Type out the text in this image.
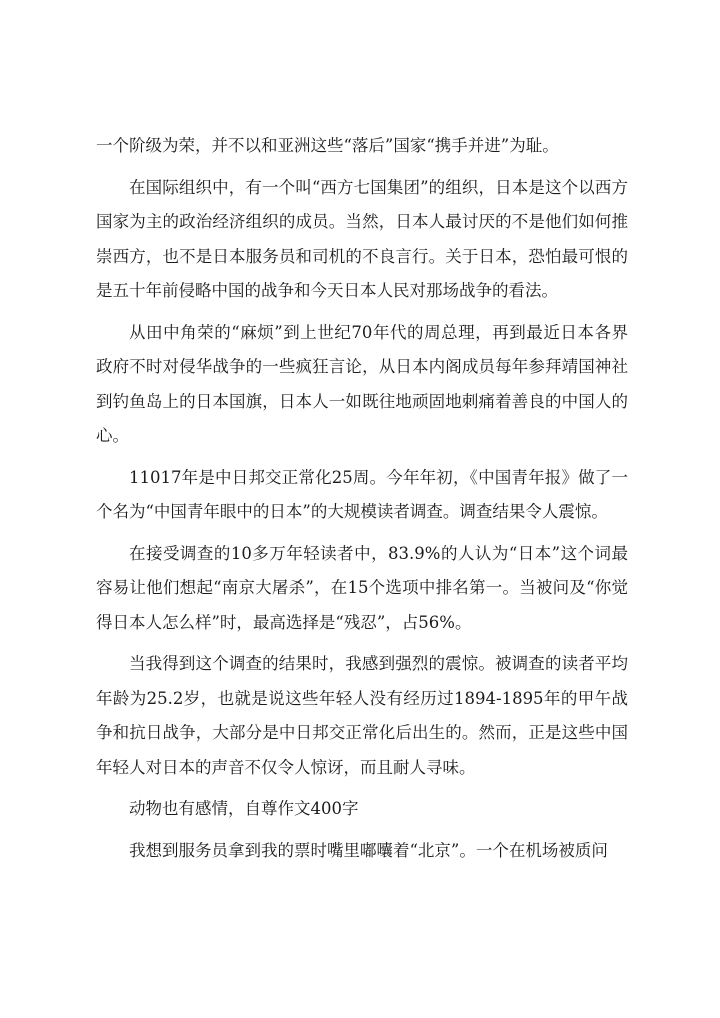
一个阶级为荣，并不以和亚洲这些“落后”国家“携手并进”为耻。

在国际组织中，有一个叫“西方七国集团”的组织，日本是这个以西方国家为主的政治经济组织的成员。当然，日本人最讨厌的不是他们如何推崇西方，也不是日本服务员和司机的不良言行。关于日本，恐怕最可恨的是五十年前侵略中国的战争和今天日本人民对那场战争的看法。

从田中角荣的“麻烦”到上世纪70年代的周总理，再到最近日本各界政府不时对侵华战争的一些疯狂言论，从日本内阁成员每年参拜靖国神社到钓鱼岛上的日本国旗，日本人一如既往地顽固地刺痛着善良的中国人的心。

11017年是中日邦交正常化25周。今年年初，《中国青年报》做了一个名为“中国青年眼中的日本”的大规模读者调查。调查结果令人震惊。

在接受调查的10多万年轻读者中，83.9%的人认为“日本”这个词最容易让他们想起“南京大屠杀”，在15个选项中排名第一。当被问及“你觉得日本人怎么样”时，最高选择是“残忍”，占56%。

当我得到这个调查的结果时，我感到强烈的震惊。被调查的读者平均年龄为25.2岁，也就是说这些年轻人没有经历过1894-1895年的甲午战争和抗日战争，大部分是中日邦交正常化后出生的。然而，正是这些中国年轻人对日本的声音不仅令人惊讶，而且耐人寻味。

动物也有感情，自尊作文400字

我想到服务员拿到我的票时嘴里嘟囔着“北京”。一个在机场被质问
